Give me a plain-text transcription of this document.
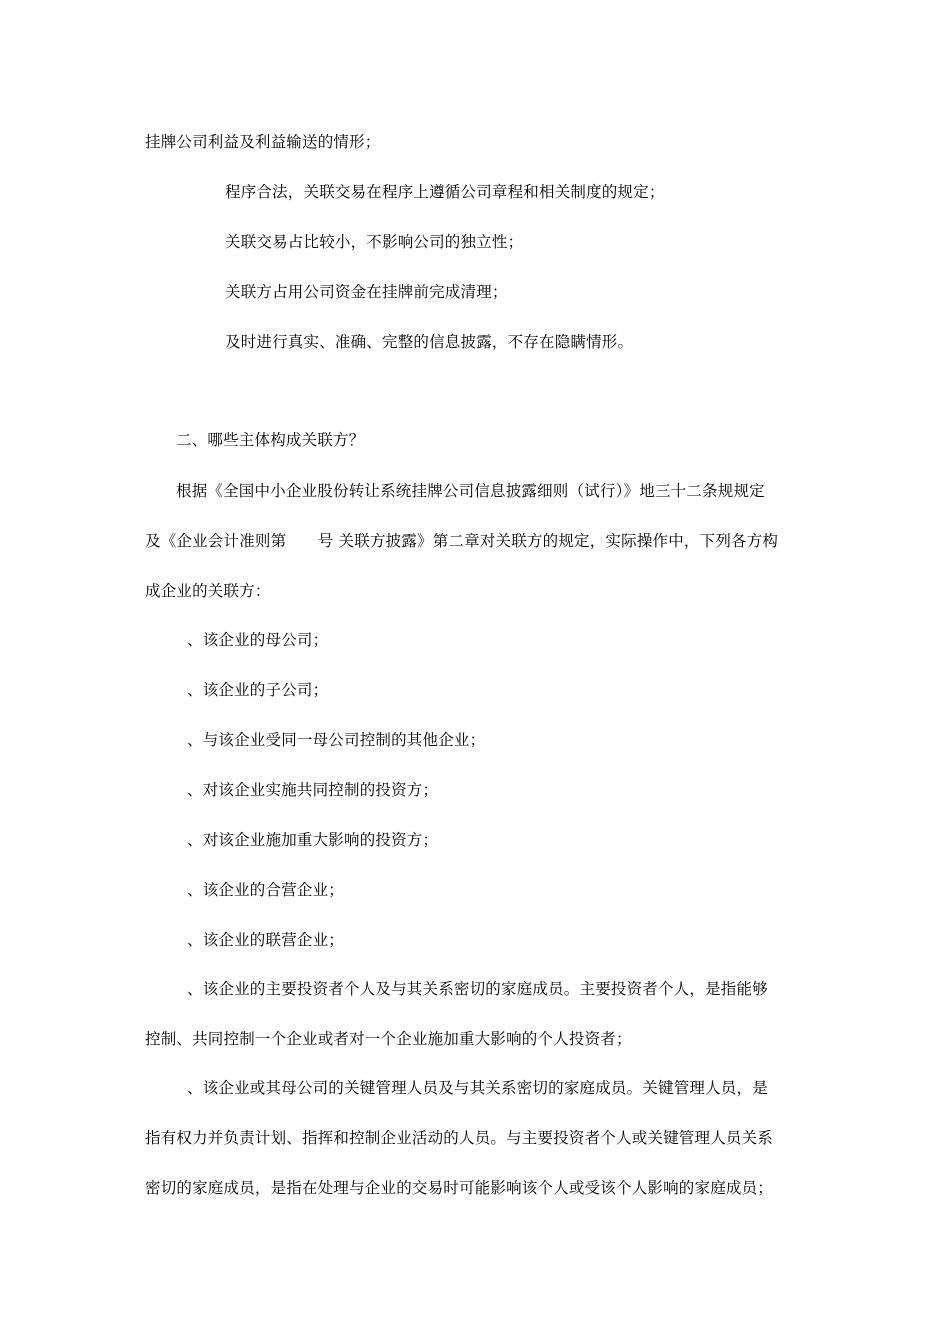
挂牌公司利益及利益输送的情形；
程序合法，关联交易在程序上遵循公司章程和相关制度的规定；
关联交易占比较小，不影响公司的独立性；
关联方占用公司资金在挂牌前完成清理；
及时进行真实、准确、完整的信息披露，不存在隐瞒情形。
二、哪些主体构成关联方？
根据《全国中小企业股份转让系统挂牌公司信息披露细则（试行）》地三十二条规规定
及《企业会计准则第　　号 关联方披露》第二章对关联方的规定，实际操作中，下列各方构
成企业的关联方：
、该企业的母公司；
、该企业的子公司；
、与该企业受同一母公司控制的其他企业；
、对该企业实施共同控制的投资方；
、对该企业施加重大影响的投资方；
、该企业的合营企业；
、该企业的联营企业；
、该企业的主要投资者个人及与其关系密切的家庭成员。主要投资者个人，是指能够
控制、共同控制一个企业或者对一个企业施加重大影响的个人投资者；
、该企业或其母公司的关键管理人员及与其关系密切的家庭成员。关键管理人员，是
指有权力并负责计划、指挥和控制企业活动的人员。与主要投资者个人或关键管理人员关系
密切的家庭成员，是指在处理与企业的交易时可能影响该个人或受该个人影响的家庭成员；
